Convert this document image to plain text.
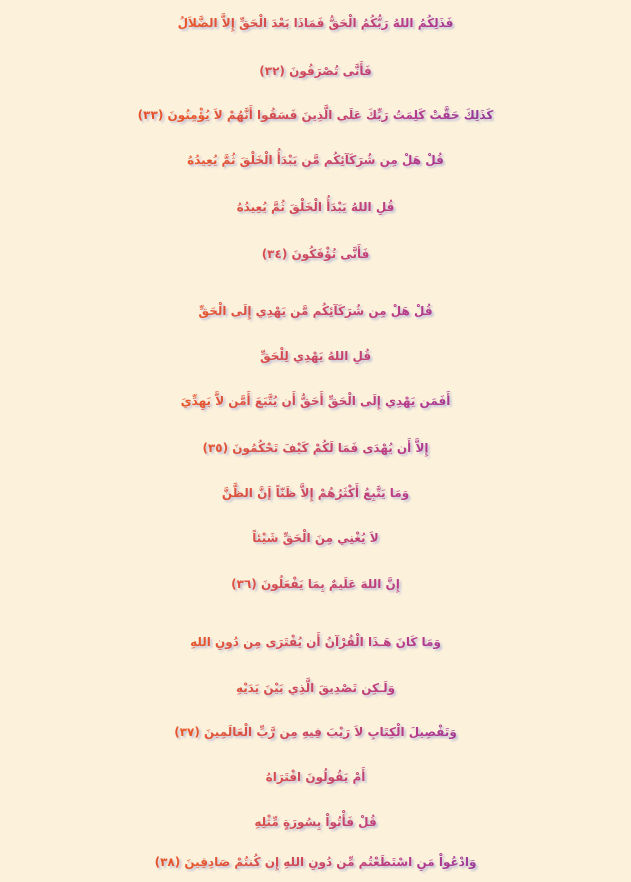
فَذَلِكُمُ اللهُ رَبُّكُمُ الْحَقُّ فَمَاذَا بَعْدَ الْحَقِّ إِلاَّ الضَّلاَلُ
فَأَنَّى تُصْرَفُونَ (٣٢)
كَذَلِكَ حَقَّتْ كَلِمَتُ رَبِّكَ عَلَى الَّذِينَ فَسَقُوا أَنَّهُمْ لاَ يُؤْمِنُونَ (٣٣)
قُلْ هَلْ مِن شُرَكَآئِكُم مَّن يَبْدَأُ الْخَلْقَ ثُمَّ يُعِيدُهُ
قُلِ اللهُ يَبْدَأُ الْخَلْقَ ثُمَّ يُعِيدُهُ
فَأَنَّى تُؤْفَكُونَ (٣٤)
قُلْ هَلْ مِن شُرَكَآئِكُم مَّن يَهْدِي إِلَى الْحَقِّ
قُلِ اللهُ يَهْدِي لِلْحَقِّ
أَفَمَن يَهْدِي إِلَى الْحَقِّ أَحَقُّ أَن يُتَّبَعَ أَمَّن لاَّ يَهِدِّيَ
إِلاَّ أَن يُهْدَى فَمَا لَكُمْ كَيْفَ تَحْكُمُونَ (٣٥)
وَمَا يَتَّبِعُ أَكْثَرُهُمْ إِلاَّ ظَنّاً إَنَّ الظَّنَّ
لاَ يُغْنِي مِنَ الْحَقِّ شَيْئاً
إِنَّ اللهَ عَلَيمٌ بِمَا يَفْعَلُونَ (٣٦)
وَمَا كَانَ هَـذَا الْقُرْآنُ أَن يُفْتَرَى مِن دُونِ اللهِ
وَلَـكِن تَصْدِيقَ الَّذِي بَيْنَ يَدَيْهِ
وَتَفْصِيلَ الْكِتَابِ لاَ رَيْبَ فِيهِ مِن رَّبِّ الْعَالَمِينَ (٣٧)
أَمْ يَقُولُونَ افْتَرَاهُ
قُلْ فَأْتُواْ بِسُورَةٍ مِّثْلِهِ
وَادْعُواْ مَنِ اسْتَطَعْتُم مِّن دُونِ اللهِ إِن كُنتُمْ صَادِقِينَ (٣٨)
